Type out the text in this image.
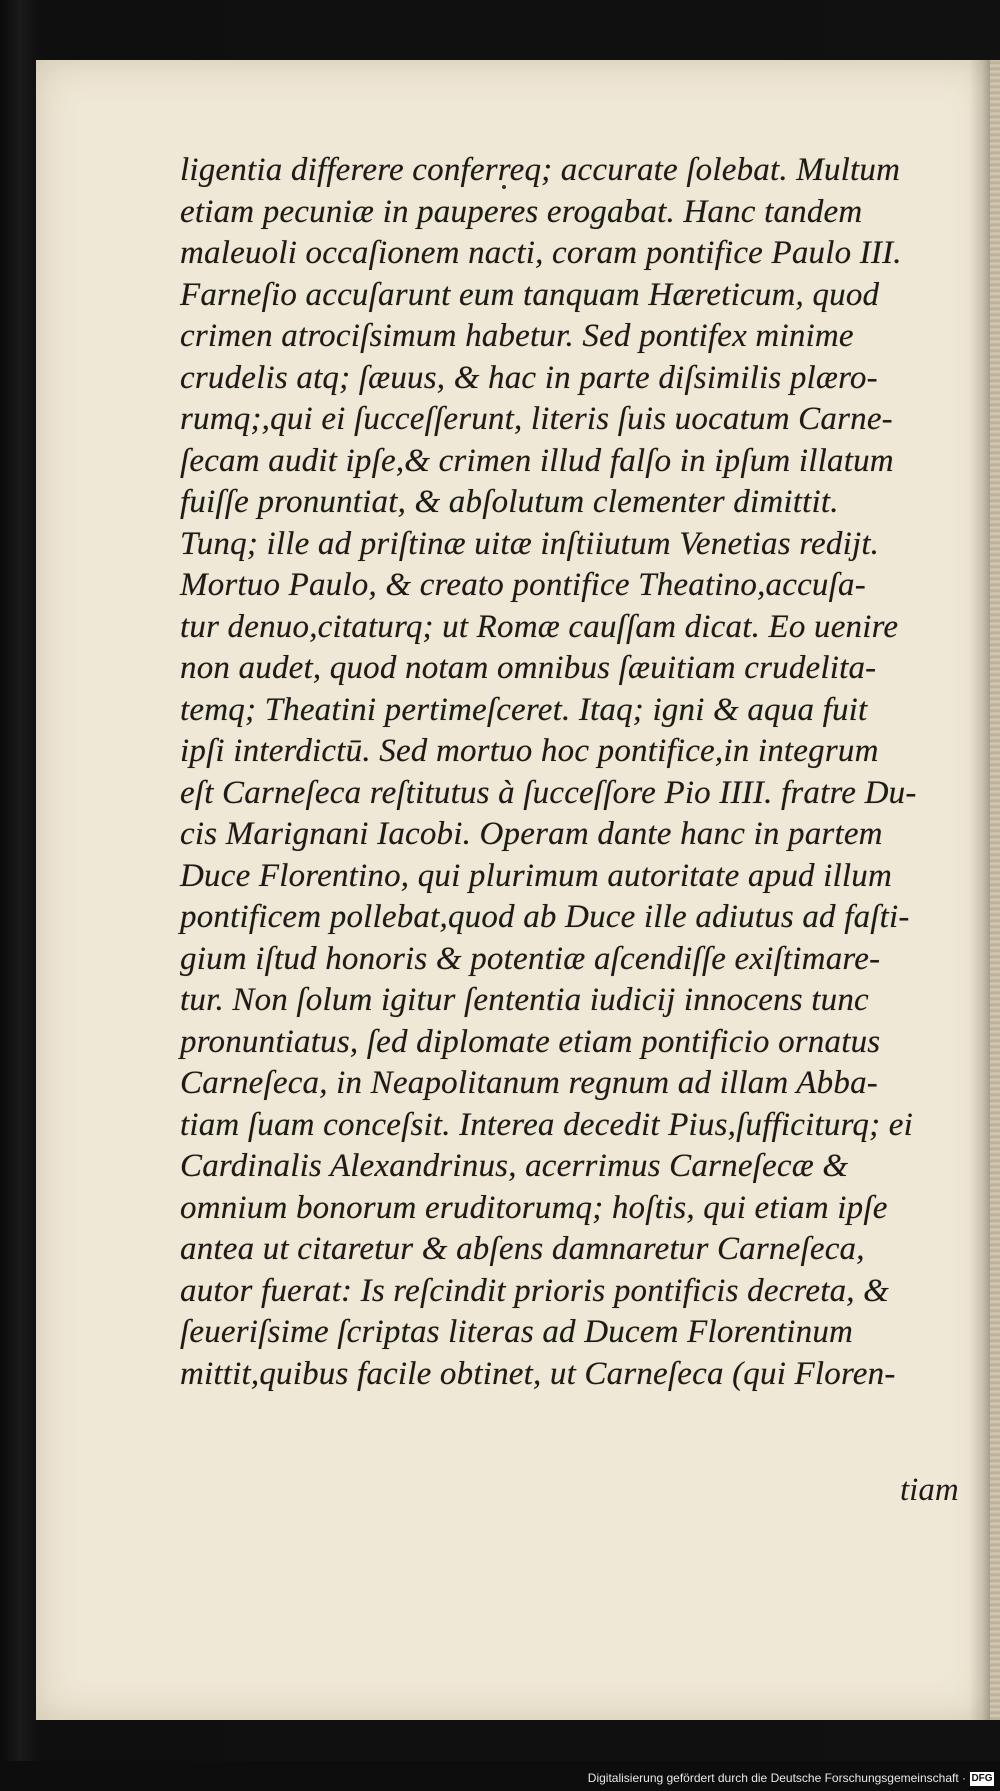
ligentia differere conferreq; accurate ſolebat. Multum
etiam pecuniæ in pauperes erogabat. Hanc tandem
maleuoli occaſionem nacti, coram pontifice Paulo III.
Farneſio accuſarunt eum tanquam Hæreticum, quod
crimen atrociſsimum habetur. Sed pontifex minime
crudelis atq; ſæuus, & hac in parte diſsimilis plæro-
rumq;,qui ei ſucceſſerunt, literis ſuis uocatum Carne-
ſecam audit ipſe,& crimen illud falſo in ipſum illatum
fuiſſe pronuntiat, & abſolutum clementer dimittit.
Tunq; ille ad priſtinæ uitæ inſtiiutum Venetias redijt.
Mortuo Paulo, & creato pontifice Theatino,accuſa-
tur denuo,citaturq; ut Romæ cauſſam dicat. Eo uenire
non audet, quod notam omnibus ſæuitiam crudelita-
temq; Theatini pertimeſceret. Itaq; igni & aqua fuit
ipſi interdictū. Sed mortuo hoc pontifice,in integrum
eſt Carneſeca reſtitutus à ſucceſſore Pio IIII. fratre Du-
cis Marignani Iacobi. Operam dante hanc in partem
Duce Florentino, qui plurimum autoritate apud illum
pontificem pollebat,quod ab Duce ille adiutus ad faſti-
gium iſtud honoris & potentiæ aſcendiſſe exiſtimare-
tur. Non ſolum igitur ſententia iudicij innocens tunc
pronuntiatus, ſed diplomate etiam pontificio ornatus
Carneſeca, in Neapolitanum regnum ad illam Abba-
tiam ſuam conceſsit. Interea decedit Pius,ſufficiturq; ei
Cardinalis Alexandrinus, acerrimus Carneſecæ &
omnium bonorum eruditorumq; hoſtis, qui etiam ipſe
antea ut citaretur & abſens damnaretur Carneſeca,
autor fuerat: Is reſcindit prioris pontificis decreta, &
ſeueriſsime ſcriptas literas ad Ducem Florentinum
mittit,quibus facile obtinet, ut Carneſeca (qui Floren-
tiam
Digitalisierung gefördert durch die Deutsche Forschungsgemeinschaft · DFG
